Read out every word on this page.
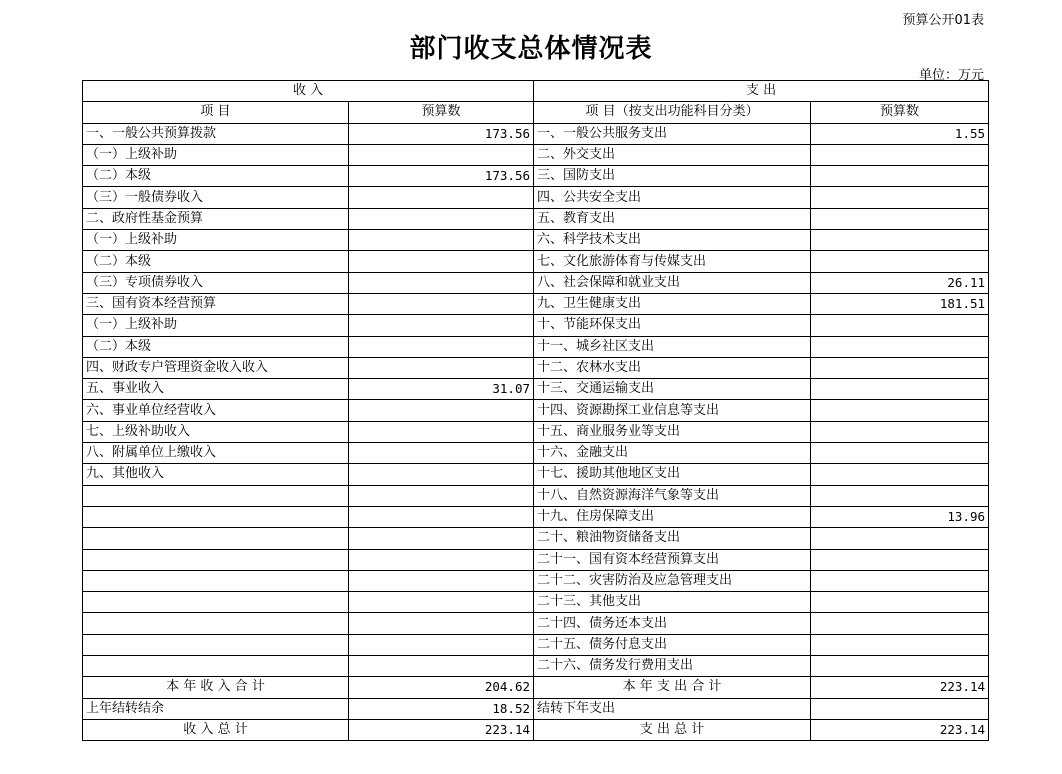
预算公开01表
部门收支总体情况表
单位：万元
收 入		支 出	
项 目	预算数	项 目（按支出功能科目分类）	预算数
一、一般公共预算拨款	173.56	一、一般公共服务支出	1.55
（一）上级补助		二、外交支出	
（二）本级	173.56	三、国防支出	
（三）一般债券收入		四、公共安全支出	
二、政府性基金预算		五、教育支出	
（一）上级补助		六、科学技术支出	
（二）本级		七、文化旅游体育与传媒支出	
（三）专项债券收入		八、社会保障和就业支出	26.11
三、国有资本经营预算		九、卫生健康支出	181.51
（一）上级补助		十、节能环保支出	
（二）本级		十一、城乡社区支出	
四、财政专户管理资金收入收入		十二、农林水支出	
五、事业收入	31.07	十三、交通运输支出	
六、事业单位经营收入		十四、资源勘探工业信息等支出	
七、上级补助收入		十五、商业服务业等支出	
八、附属单位上缴收入		十六、金融支出	
九、其他收入		十七、援助其他地区支出	
		十八、自然资源海洋气象等支出	
		十九、住房保障支出	13.96
		二十、粮油物资储备支出	
		二十一、国有资本经营预算支出	
		二十二、灾害防治及应急管理支出	
		二十三、其他支出	
		二十四、债务还本支出	
		二十五、债务付息支出	
		二十六、债务发行费用支出	
本 年 收 入 合 计	204.62	本 年 支 出 合 计	223.14
上年结转结余	18.52	结转下年支出	
收 入 总 计	223.14	支 出 总 计	223.14
